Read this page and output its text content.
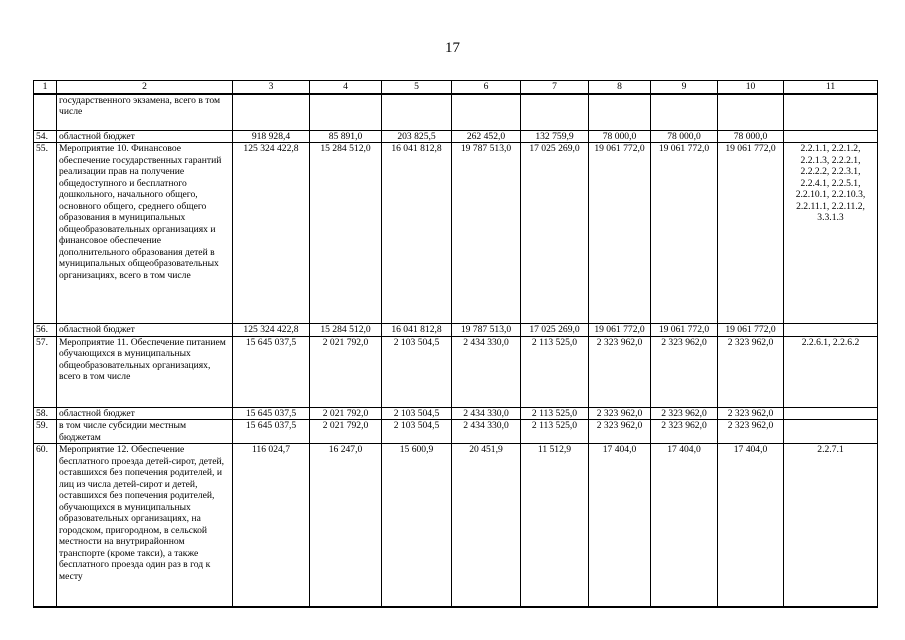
17
1	2	3	4	5	6	7	8	9	10	11
	государственного экзамена, всего в том числе									
54.	областной бюджет	918 928,4	85 891,0	203 825,5	262 452,0	132 759,9	78 000,0	78 000,0	78 000,0	
55.	Мероприятие 10. Финансовое обеспечение государственных гарантий реализации прав на получение общедоступного и бесплатного дошкольного, начального общего, основного общего, среднего общего образования в муниципальных общеобразовательных организациях и финансовое обеспечение дополнительного образования детей в муниципальных общеобразовательных организациях, всего в том числе	125 324 422,8	15 284 512,0	16 041 812,8	19 787 513,0	17 025 269,0	19 061 772,0	19 061 772,0	19 061 772,0	2.2.1.1, 2.2.1.2, 2.2.1.3, 2.2.2.1, 2.2.2.2, 2.2.3.1, 2.2.4.1, 2.2.5.1, 2.2.10.1, 2.2.10.3, 2.2.11.1, 2.2.11.2, 3.3.1.3
56.	областной бюджет	125 324 422,8	15 284 512,0	16 041 812,8	19 787 513,0	17 025 269,0	19 061 772,0	19 061 772,0	19 061 772,0	
57.	Мероприятие 11. Обеспечение питанием обучающихся в муниципальных общеобразовательных организациях, всего в том числе	15 645 037,5	2 021 792,0	2 103 504,5	2 434 330,0	2 113 525,0	2 323 962,0	2 323 962,0	2 323 962,0	2.2.6.1, 2.2.6.2
58.	областной бюджет	15 645 037,5	2 021 792,0	2 103 504,5	2 434 330,0	2 113 525,0	2 323 962,0	2 323 962,0	2 323 962,0	
59.	в том числе субсидии местным бюджетам	15 645 037,5	2 021 792,0	2 103 504,5	2 434 330,0	2 113 525,0	2 323 962,0	2 323 962,0	2 323 962,0	
60.	Мероприятие 12. Обеспечение бесплатного проезда детей-сирот, детей, оставшихся без попечения родителей, и лиц из числа детей-сирот и детей, оставшихся без попечения родителей, обучающихся в муниципальных образовательных организациях, на городском, пригородном, в сельской местности на внутрирайонном транспорте (кроме такси), а также бесплатного проезда один раз в год к месту	116 024,7	16 247,0	15 600,9	20 451,9	11 512,9	17 404,0	17 404,0	17 404,0	2.2.7.1
